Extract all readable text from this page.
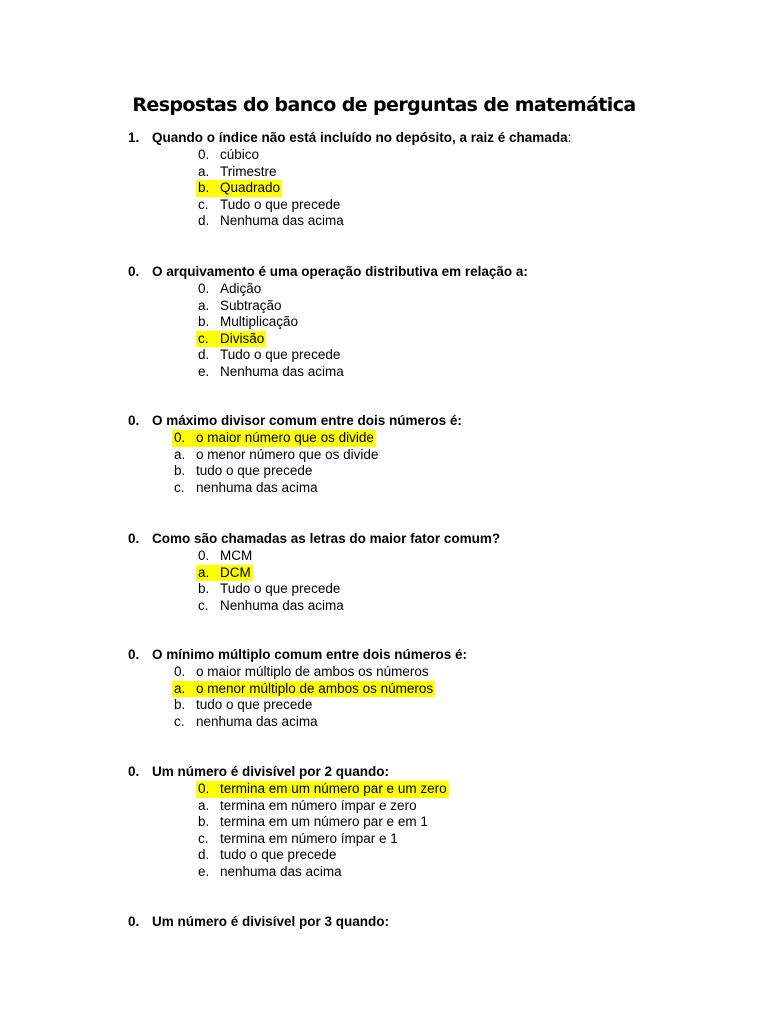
Respostas do banco de perguntas de matemática
1. Quando o índice não está incluído no depósito, a raiz é chamada:
0. cúbico
a. Trimestre
b. Quadrado
c. Tudo o que precede
d. Nenhuma das acima
0. O arquivamento é uma operação distributiva em relação a:
0. Adição
a. Subtração
b. Multiplicação
c. Divisão
d. Tudo o que precede
e. Nenhuma das acima
0. O máximo divisor comum entre dois números é:
0. o maior número que os divide
a. o menor número que os divide
b. tudo o que precede
c. nenhuma das acima
0. Como são chamadas as letras do maior fator comum?
0. MCM
a. DCM
b. Tudo o que precede
c. Nenhuma das acima
0. O mínimo múltiplo comum entre dois números é:
0. o maior múltiplo de ambos os números
a. o menor múltiplo de ambos os números
b. tudo o que precede
c. nenhuma das acima
0. Um número é divisível por 2 quando:
0. termina em um número par e um zero
a. termina em número ímpar e zero
b. termina em um número par e em 1
c. termina em número ímpar e 1
d. tudo o que precede
e. nenhuma das acima
0. Um número é divisível por 3 quando:
